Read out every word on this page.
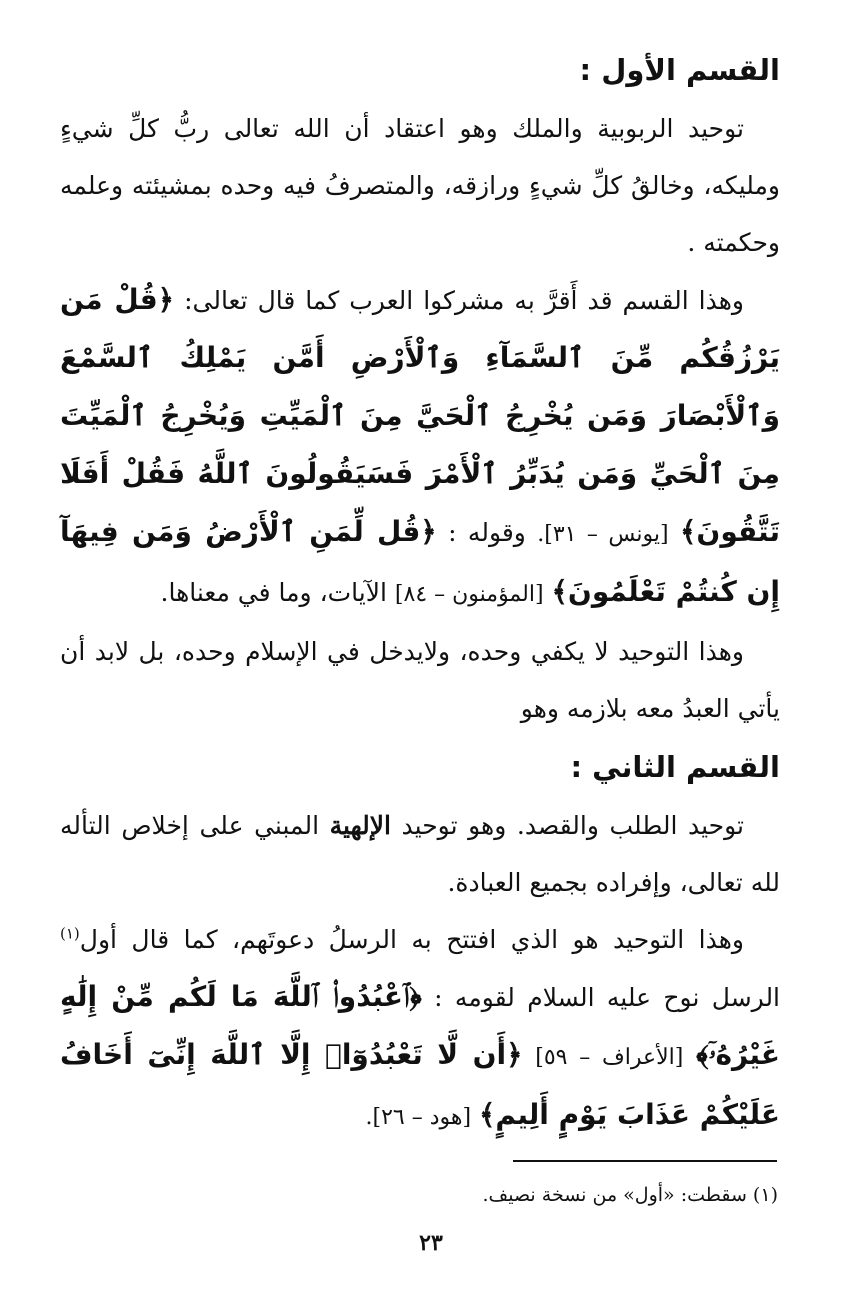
القسم الأول :

توحيد الربوبية والملك وهو اعتقاد أن الله تعالى ربُّ كلِّ شيءٍ ومليكه، وخالقُ كلِّ شيءٍ ورازقه، والمتصرفُ فيه وحده بمشيئته وعلمه وحكمته .

وهذا القسم قد أَقرَّ به مشركوا العرب كما قال تعالى: ﴿قُلْ مَن يَرْزُقُكُم مِّنَ ٱلسَّمَآءِ وَٱلْأَرْضِ أَمَّن يَمْلِكُ ٱلسَّمْعَ وَٱلْأَبْصَارَ وَمَن يُخْرِجُ ٱلْحَيَّ مِنَ ٱلْمَيِّتِ وَيُخْرِجُ ٱلْمَيِّتَ مِنَ ٱلْحَيِّ وَمَن يُدَبِّرُ ٱلْأَمْرَ فَسَيَقُولُونَ ٱللَّهُ فَقُلْ أَفَلَا تَتَّقُونَ﴾ [يونس – ٣١]. وقوله : ﴿قُل لِّمَنِ ٱلْأَرْضُ وَمَن فِيهَآ إِن كُنتُمْ تَعْلَمُونَ﴾ [المؤمنون – ٨٤] الآيات، وما في معناها.

وهذا التوحيد لا يكفي وحده، ولايدخل في الإسلام وحده، بل لابد أن يأتي العبدُ معه بلازمه وهو

القسم الثاني :

توحيد الطلب والقصد. وهو توحيد الإلهية المبني على إخلاص التأله لله تعالى، وإفراده بجميع العبادة.

وهذا التوحيد هو الذي افتتح به الرسلُ دعوتَهم، كما قال أول$^{(١)}$ الرسل نوح عليه السلام لقومه : ﴿ٱعْبُدُوا۟ ٱللَّهَ مَا لَكُم مِّنْ إِلَٰهٍ غَيْرُهُۥٓ﴾ [الأعراف – ٥٩] ﴿أَن لَّا تَعْبُدُوٓا۟ إِلَّا ٱللَّهَ إِنِّىٓ أَخَافُ عَلَيْكُمْ عَذَابَ يَوْمٍ أَلِيمٍ﴾ [هود – ٢٦].

(١) سقطت: «أول» من نسخة نصيف.
٢٣
